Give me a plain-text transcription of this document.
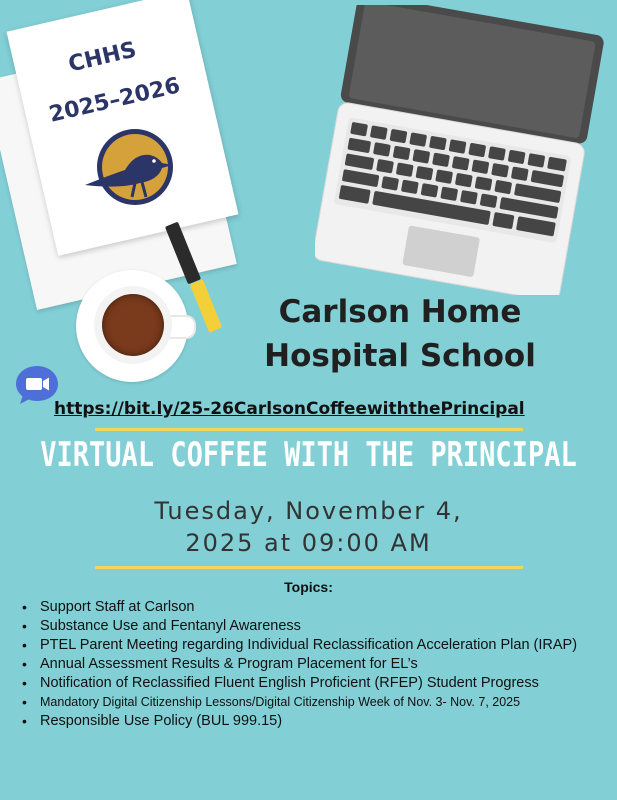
CHHS
2025–2026
Carlson Home
Hospital School
https://bit.ly/25-26CarlsonCoffeewiththePrincipal
VIRTUAL COFFEE WITH THE PRINCIPAL
Tuesday, November 4,
2025 at 09:00 AM
Topics:
• Support Staff at Carlson
• Substance Use and Fentanyl Awareness
• PTEL Parent Meeting regarding Individual Reclassification Acceleration Plan (IRAP)
• Annual Assessment Results & Program Placement for EL’s
• Notification of Reclassified Fluent English Proficient (RFEP) Student Progress
• Mandatory Digital Citizenship Lessons/Digital Citizenship Week of Nov. 3- Nov. 7, 2025
• Responsible Use Policy (BUL 999.15)
